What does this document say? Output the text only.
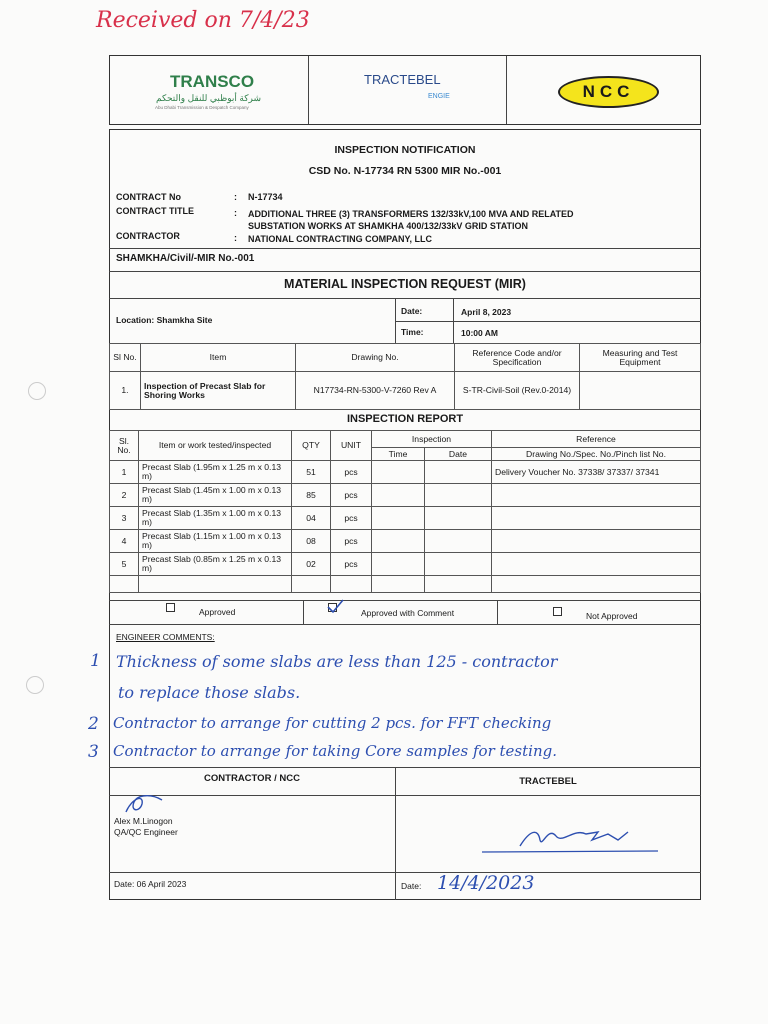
Received on 7/4/23
TRANSCO
شركة أبوظبي للنقل والتحكم
Abu Dhabi Transmission & Despatch Company
TRACTEBEL
ENGIE	NCC
INSPECTION NOTIFICATION
CSD No. N-17734 RN 5300 MIR No.-001
CONTRACT No	: N-17734
CONTRACT TITLE	: ADDITIONAL THREE (3) TRANSFORMERS 132/33kV,100 MVA AND RELATED
SUBSTATION WORKS AT SHAMKHA 400/132/33kV GRID STATION
CONTRACTOR	: NATIONAL CONTRACTING COMPANY, LLC
SHAMKHA/Civil/-MIR No.-001
MATERIAL INSPECTION REQUEST (MIR)
Location: Shamkha Site
Date:	April 8, 2023
Time:	10:00 AM
Sl No.	Item	Drawing No.	Reference Code and/or Specification	Measuring and Test Equipment
1.	Inspection of Precast Slab for Shoring Works	N17734-RN-5300-V-7260 Rev A	S-TR-Civil-Soil (Rev.0-2014)	
INSPECTION REPORT
Sl. No.	Item or work tested/inspected	QTY	UNIT	Inspection		Reference
				Time	Date	Drawing No./Spec. No./Pinch list No.
1	Precast Slab (1.95m x 1.25 m x 0.13 m)	51	pcs			Delivery Voucher No. 37338/ 37337/ 37341
2	Precast Slab (1.45m x 1.00 m x 0.13 m)	85	pcs			
3	Precast Slab (1.35m x 1.00 m x 0.13 m)	04	pcs			
4	Precast Slab (1.15m x 1.00 m x 0.13 m)	08	pcs			
5	Precast Slab (0.85m x 1.25 m x 0.13 m)	02	pcs			

Approved	Approved with Comment	Not Approved
ENGINEER COMMENTS:
1 Thickness of some slabs are less than 125 - contractor
to replace those slabs.
2 Contractor to arrange for cutting 2 pcs. for FFT checking
3 Contractor to arrange for taking Core samples for testing.
CONTRACTOR / NCC	TRACTEBEL
Alex M.Linogon
QA/QC Engineer
Date: 06 April 2023	Date: 14/4/2023
